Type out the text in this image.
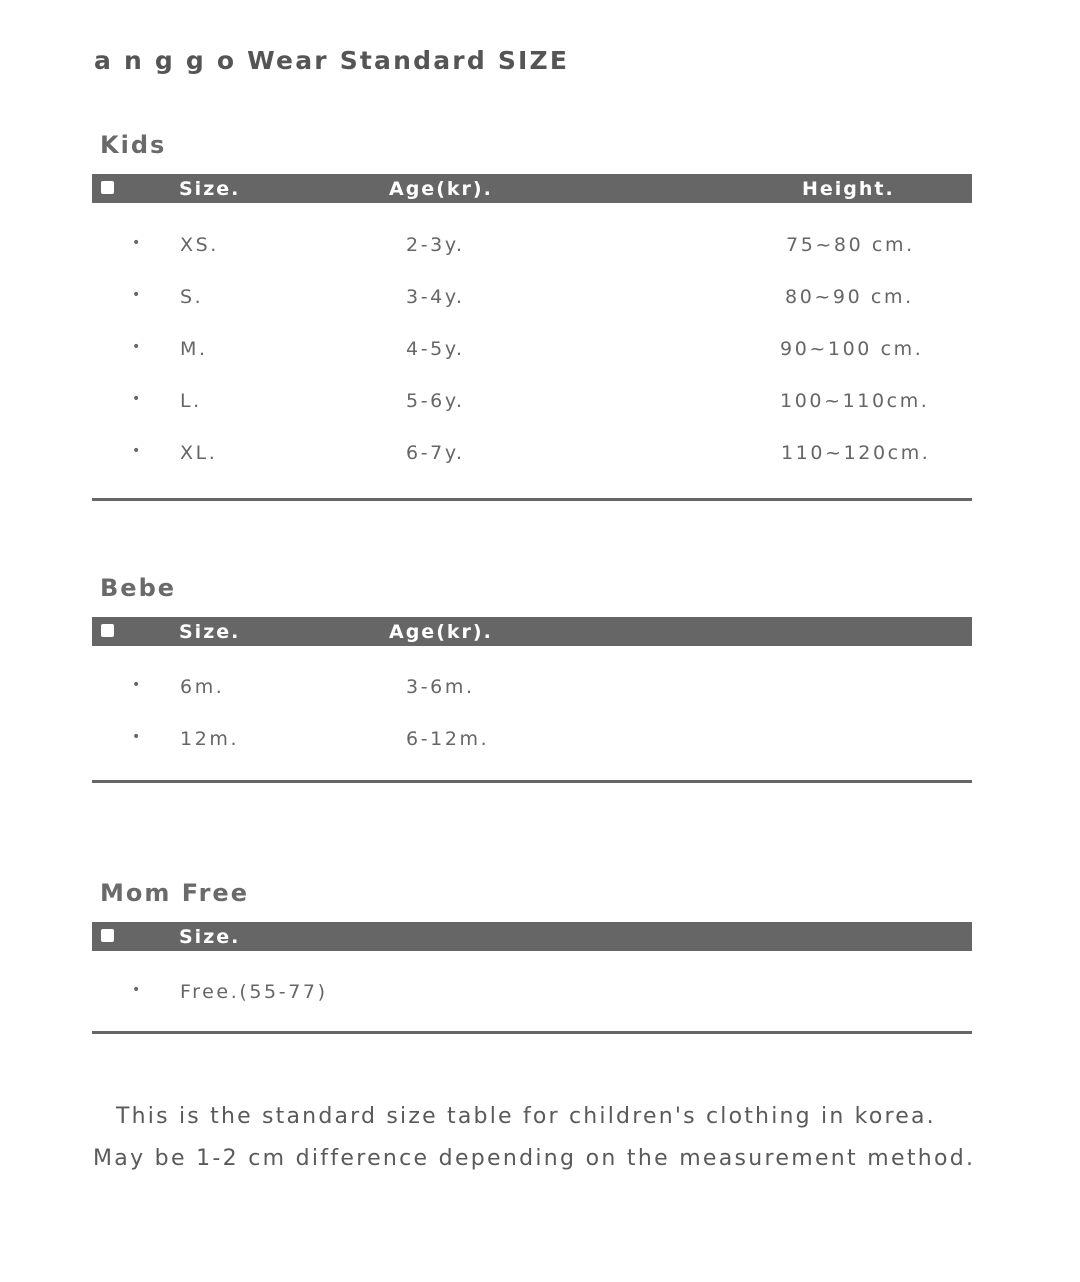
a n g g o Wear Standard SIZE
Kids
Size.	Age(kr).	Height.
• XS.	2-3y.	75~80 cm.
• S.	3-4y.	80~90 cm.
• M.	4-5y.	90~100 cm.
• L.	5-6y.	100~110cm.
• XL.	6-7y.	110~120cm.
Bebe
Size.	Age(kr).
• 6m.	3-6m.
• 12m.	6-12m.
Mom Free
Size.
• Free.(55-77)
This is the standard size table for children's clothing in korea.
May be 1-2 cm difference depending on the measurement method.
